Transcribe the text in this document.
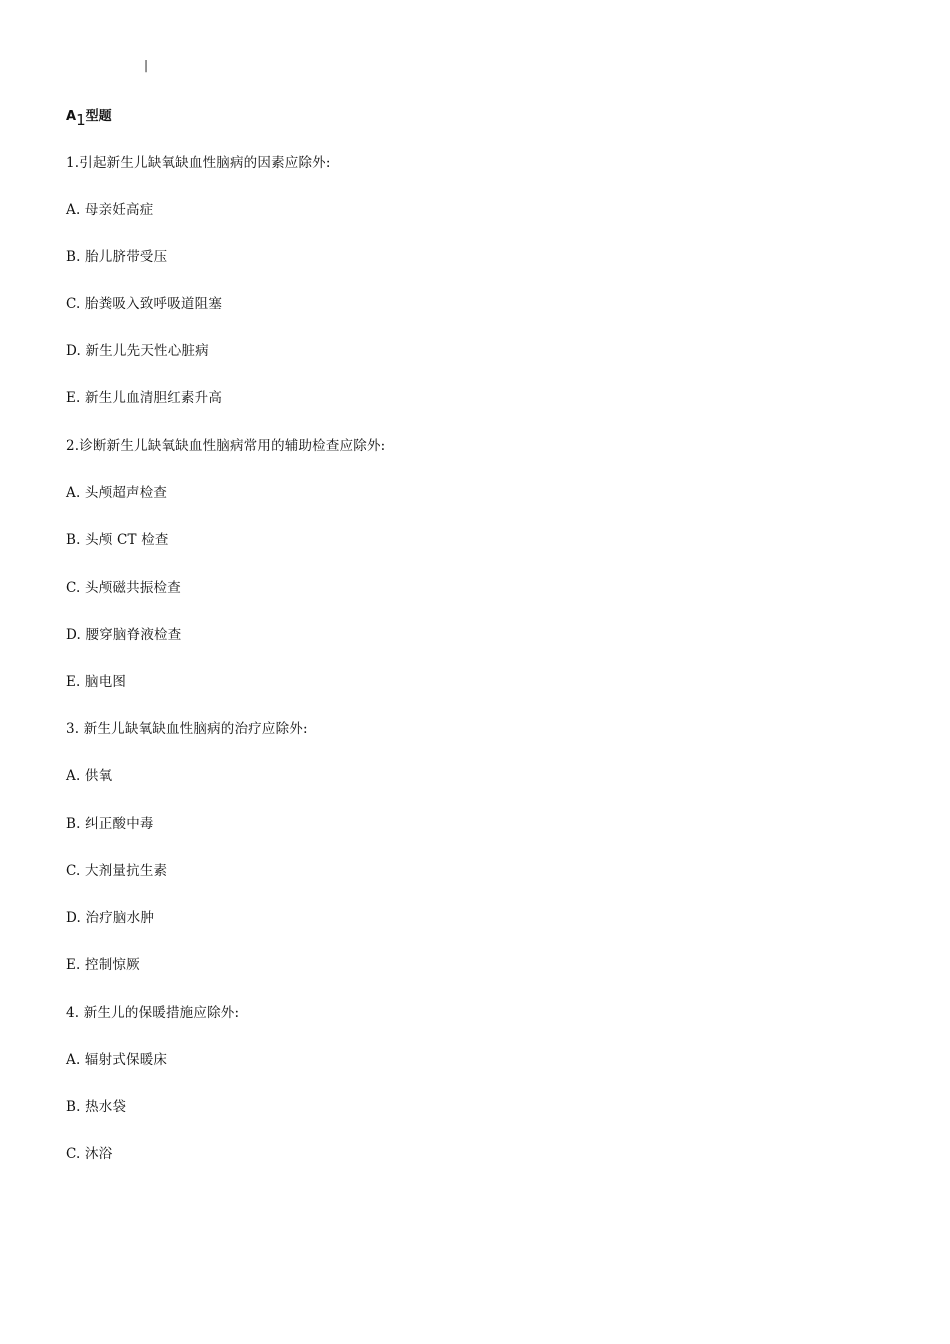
|
A1型题
1.引起新生儿缺氧缺血性脑病的因素应除外:
A. 母亲妊高症
B. 胎儿脐带受压
C. 胎粪吸入致呼吸道阻塞
D. 新生儿先天性心脏病
E. 新生儿血清胆红素升高
2.诊断新生儿缺氧缺血性脑病常用的辅助检查应除外:
A. 头颅超声检查
B. 头颅 CT 检查
C. 头颅磁共振检查
D. 腰穿脑脊液检查
E. 脑电图
3. 新生儿缺氧缺血性脑病的治疗应除外:
A. 供氧
B. 纠正酸中毒
C. 大剂量抗生素
D. 治疗脑水肿
E. 控制惊厥
4. 新生儿的保暖措施应除外:
A. 辐射式保暖床
B. 热水袋
C. 沐浴
